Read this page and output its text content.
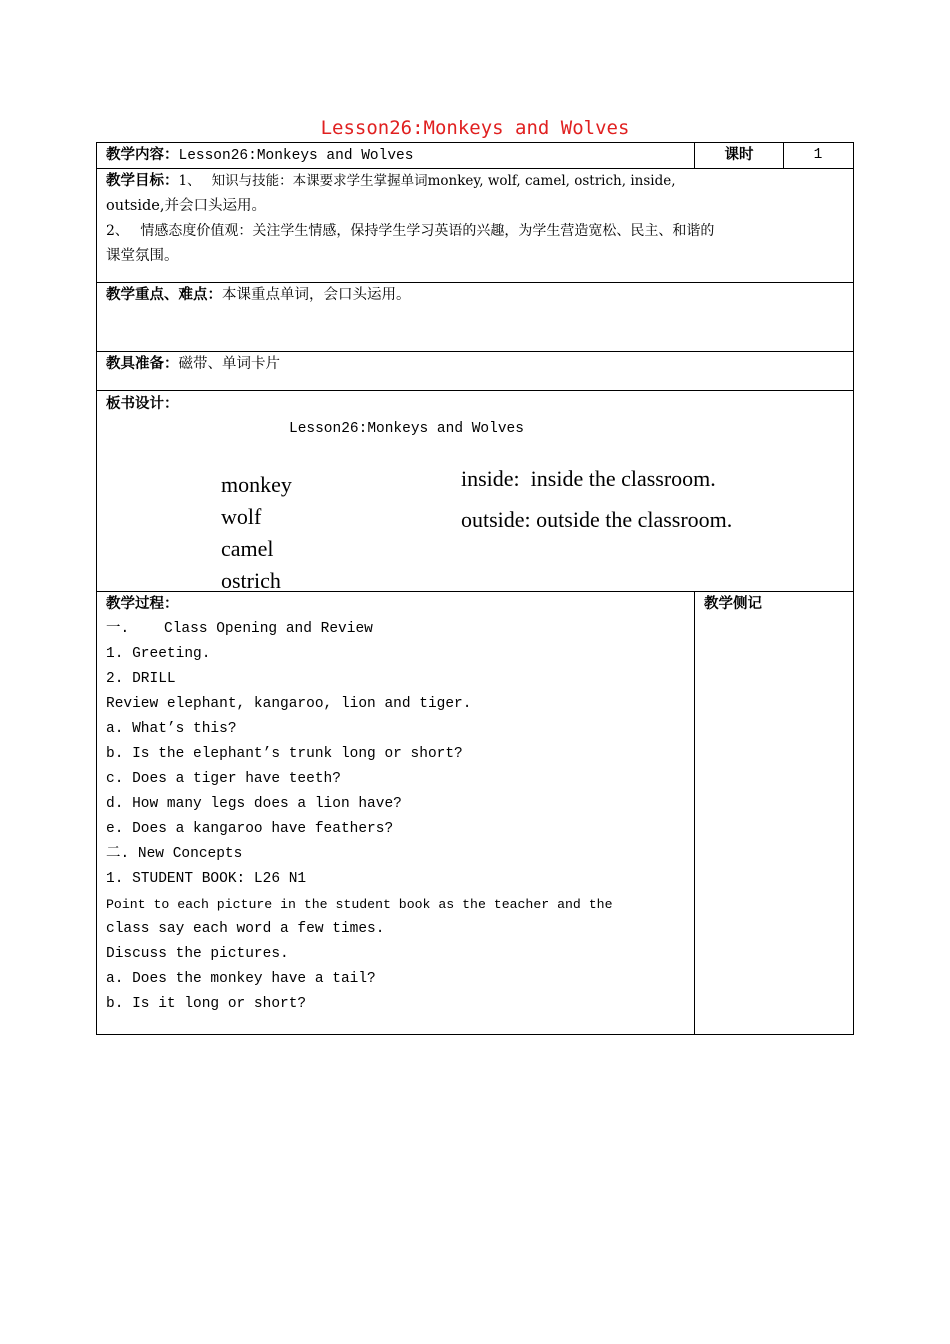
Lesson26:Monkeys and Wolves
教学内容：Lesson26:Monkeys and Wolves	课时	1
教学目标：1、　 知识与技能：本课要求学生掌握单词monkey, wolf, camel, ostrich, inside,
outside,并会口头运用。
2、　 情感态度价值观：关注学生情感，保持学生学习英语的兴趣，为学生营造宽松、民主、和谐的
课堂氛围。
教学重点、难点：本课重点单词，会口头运用。
教具准备：磁带、单词卡片
板书设计：
Lesson26:Monkeys and Wolves
monkey
wolf
camel
ostrich
inside:  inside the classroom.
outside: outside the classroom.
教学过程：	教学侧记
一.    Class Opening and Review
1. Greeting.
2. DRILL
Review elephant, kangaroo, lion and tiger.
a. What’s this?
b. Is the elephant’s trunk long or short?
c. Does a tiger have teeth?
d. How many legs does a lion have?
e. Does a kangaroo have feathers?
二. New Concepts
1. STUDENT BOOK: L26 N1
Point to each picture in the student book as the teacher and the
class say each word a few times.
Discuss the pictures.
a. Does the monkey have a tail?
b. Is it long or short?
